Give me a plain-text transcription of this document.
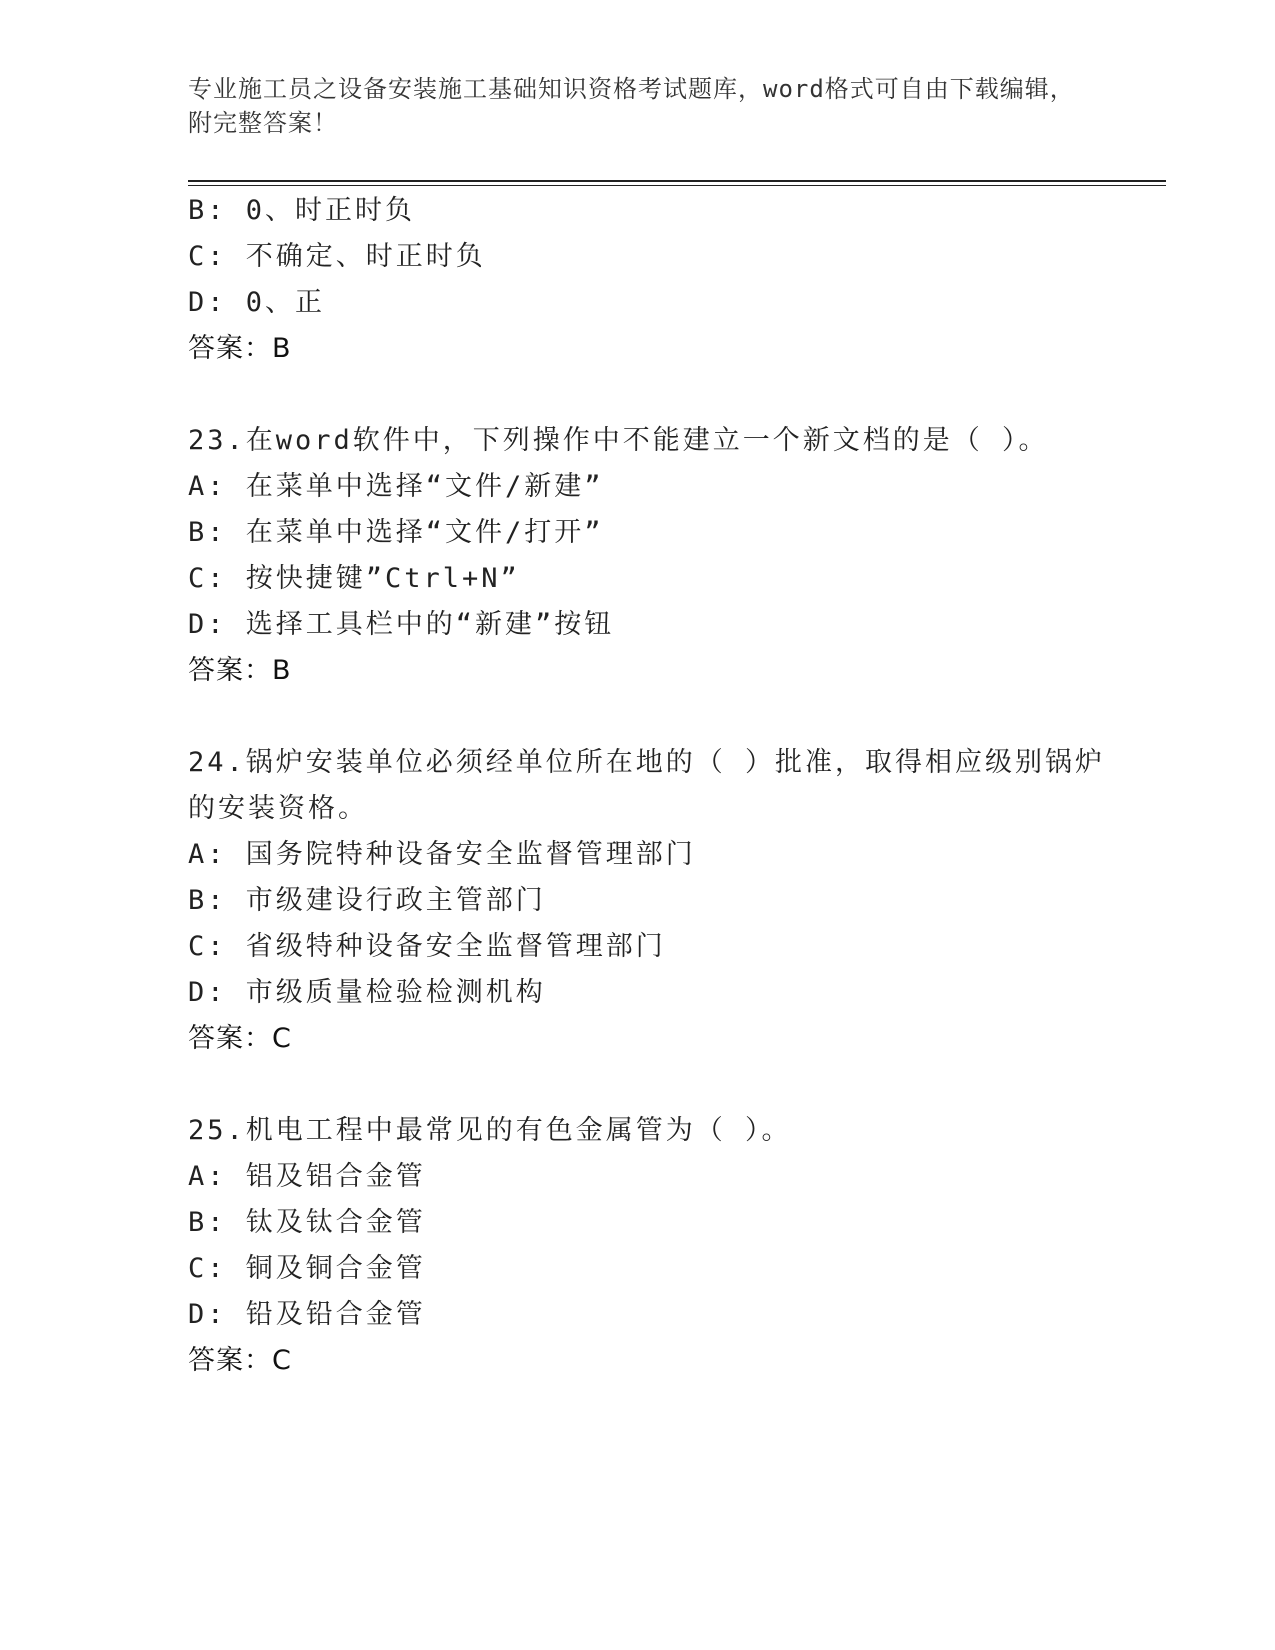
专业施工员之设备安装施工基础知识资格考试题库，word格式可自由下载编辑，
附完整答案！
B: 0、时正时负
C: 不确定、时正时负
D: 0、正
答案：B
23.在word软件中，下列操作中不能建立一个新文档的是（ ）。
A: 在菜单中选择“文件/新建”
B: 在菜单中选择“文件/打开”
C: 按快捷键”Ctrl+N”
D: 选择工具栏中的“新建”按钮
答案：B
24.锅炉安装单位必须经单位所在地的（ ）批准，取得相应级别锅炉
的安装资格。
A: 国务院特种设备安全监督管理部门
B: 市级建设行政主管部门
C: 省级特种设备安全监督管理部门
D: 市级质量检验检测机构
答案：C
25.机电工程中最常见的有色金属管为（ ）。
A: 铝及铝合金管
B: 钛及钛合金管
C: 铜及铜合金管
D: 铅及铅合金管
答案：C
